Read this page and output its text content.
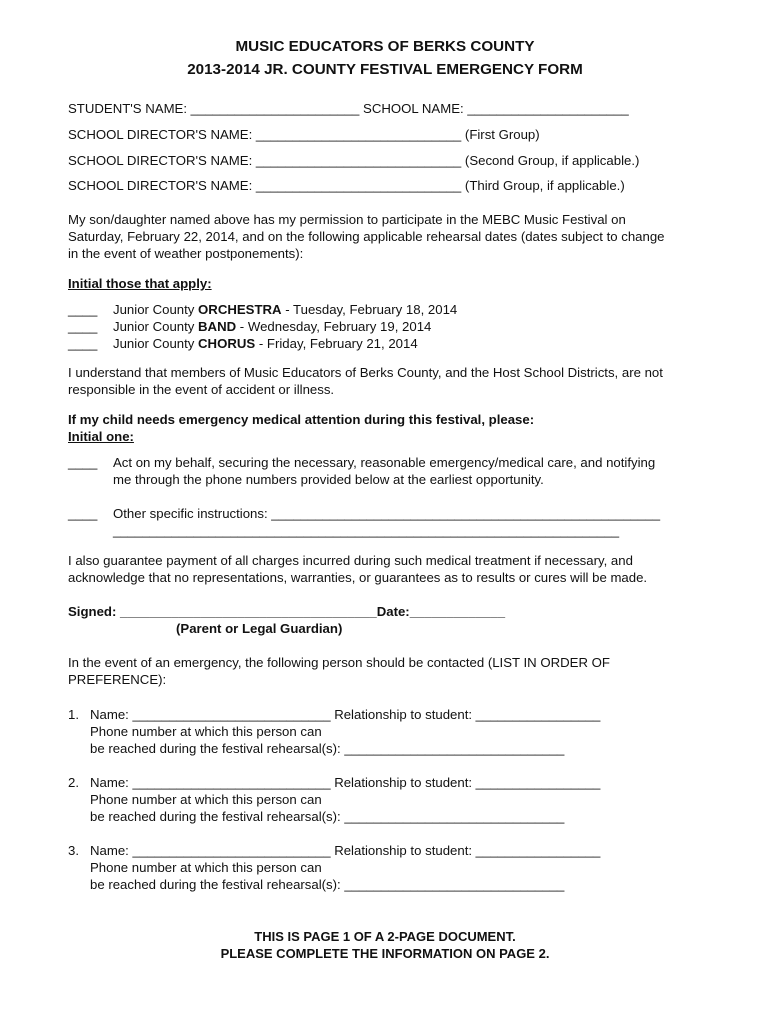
MUSIC EDUCATORS OF BERKS COUNTY
2013-2014 JR. COUNTY FESTIVAL EMERGENCY FORM
STUDENT'S NAME: _______________________ SCHOOL NAME: ______________________
SCHOOL DIRECTOR'S NAME: ____________________________ (First Group)
SCHOOL DIRECTOR'S NAME: ____________________________ (Second Group, if applicable.)
SCHOOL DIRECTOR'S NAME: ____________________________ (Third Group, if applicable.)
My son/daughter named above has my permission to participate in the MEBC Music Festival on
Saturday, February 22, 2014, and on the following applicable rehearsal dates (dates subject to change
in the event of weather postponements):
Initial those that apply:
____ Junior County ORCHESTRA - Tuesday, February 18, 2014
____ Junior County BAND - Wednesday, February 19, 2014
____ Junior County CHORUS - Friday, February 21, 2014
I understand that members of Music Educators of Berks County, and the Host School Districts, are not
responsible in the event of accident or illness.
If my child needs emergency medical attention during this festival, please:
Initial one:
____ Act on my behalf, securing the necessary, reasonable emergency/medical care, and notifying
me through the phone numbers provided below at the earliest opportunity.
____ Other specific instructions: _____________________________________________________
_____________________________________________________________________
I also guarantee payment of all charges incurred during such medical treatment if necessary, and
acknowledge that no representations, warranties, or guarantees as to results or cures will be made.
Signed: ___________________________________Date:_____________
(Parent or Legal Guardian)
In the event of an emergency, the following person should be contacted (LIST IN ORDER OF
PREFERENCE):
1. Name: ___________________________ Relationship to student: _________________
Phone number at which this person can
be reached during the festival rehearsal(s): ______________________________
2. Name: ___________________________ Relationship to student: _________________
Phone number at which this person can
be reached during the festival rehearsal(s): ______________________________
3. Name: ___________________________ Relationship to student: _________________
Phone number at which this person can
be reached during the festival rehearsal(s): ______________________________
THIS IS PAGE 1 OF A 2-PAGE DOCUMENT.
PLEASE COMPLETE THE INFORMATION ON PAGE 2.
